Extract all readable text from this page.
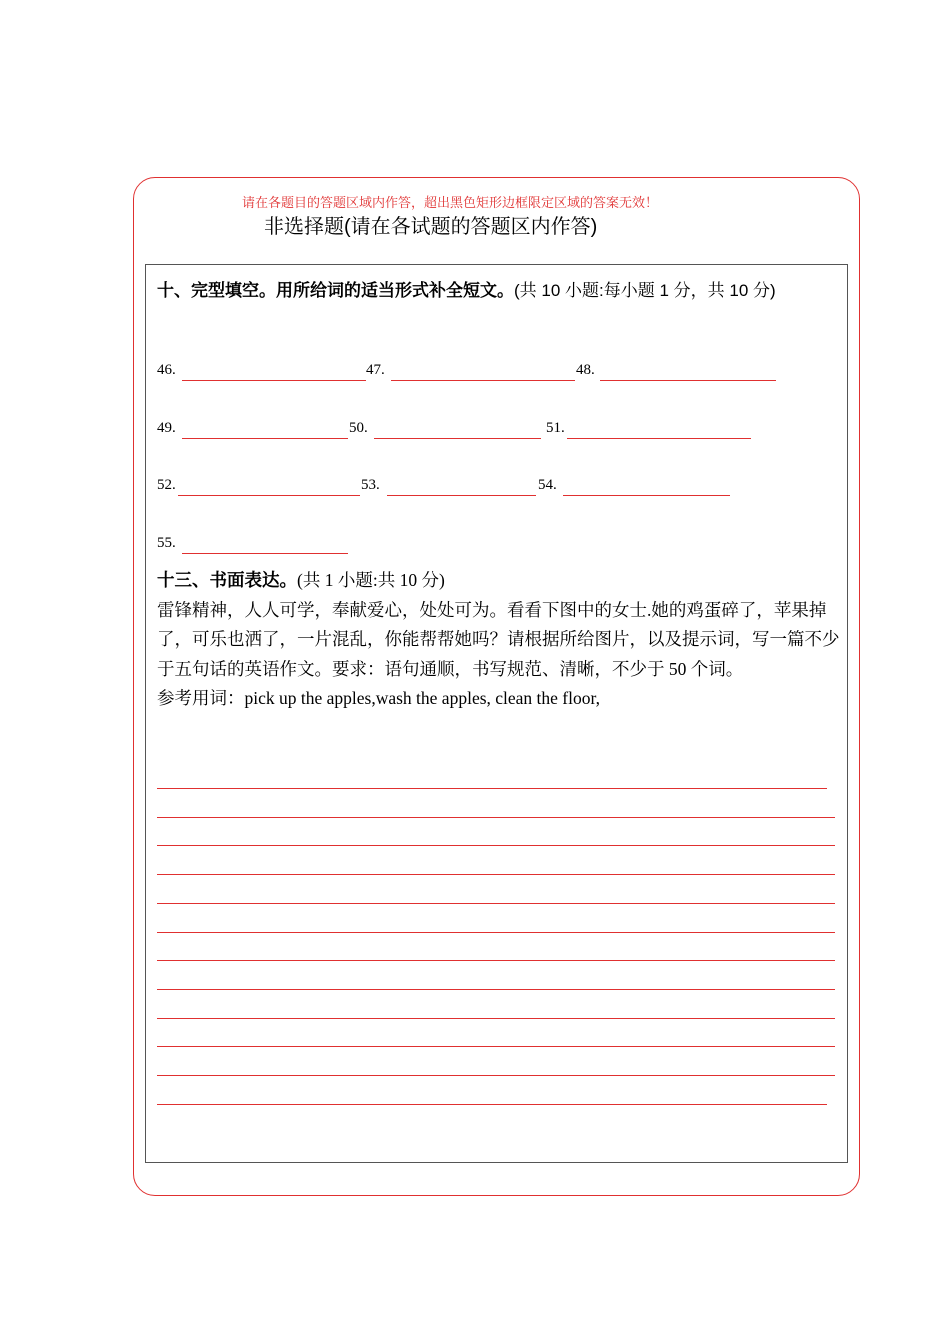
请在各题目的答题区域内作答，超出黑色矩形边框限定区域的答案无效！
非选择题(请在各试题的答题区内作答)
十、完型填空。用所给词的适当形式补全短文。(共 10 小题:每小题 1 分，共 10 分)
46.	47.	48.
49.	50.	51.
52.	53.	54.
55.
十三、书面表达。(共 1 小题:共 10 分)
雷锋精神，人人可学，奉献爱心，处处可为。看看下图中的女士.她的鸡蛋碎了，苹果掉了，可乐也洒了，一片混乱，你能帮帮她吗？请根据所给图片，以及提示词，写一篇不少于五句话的英语作文。要求：语句通顺，书写规范、清晰，不少于 50 个词。
参考用词：pick up the apples,wash the apples, clean the floor,
